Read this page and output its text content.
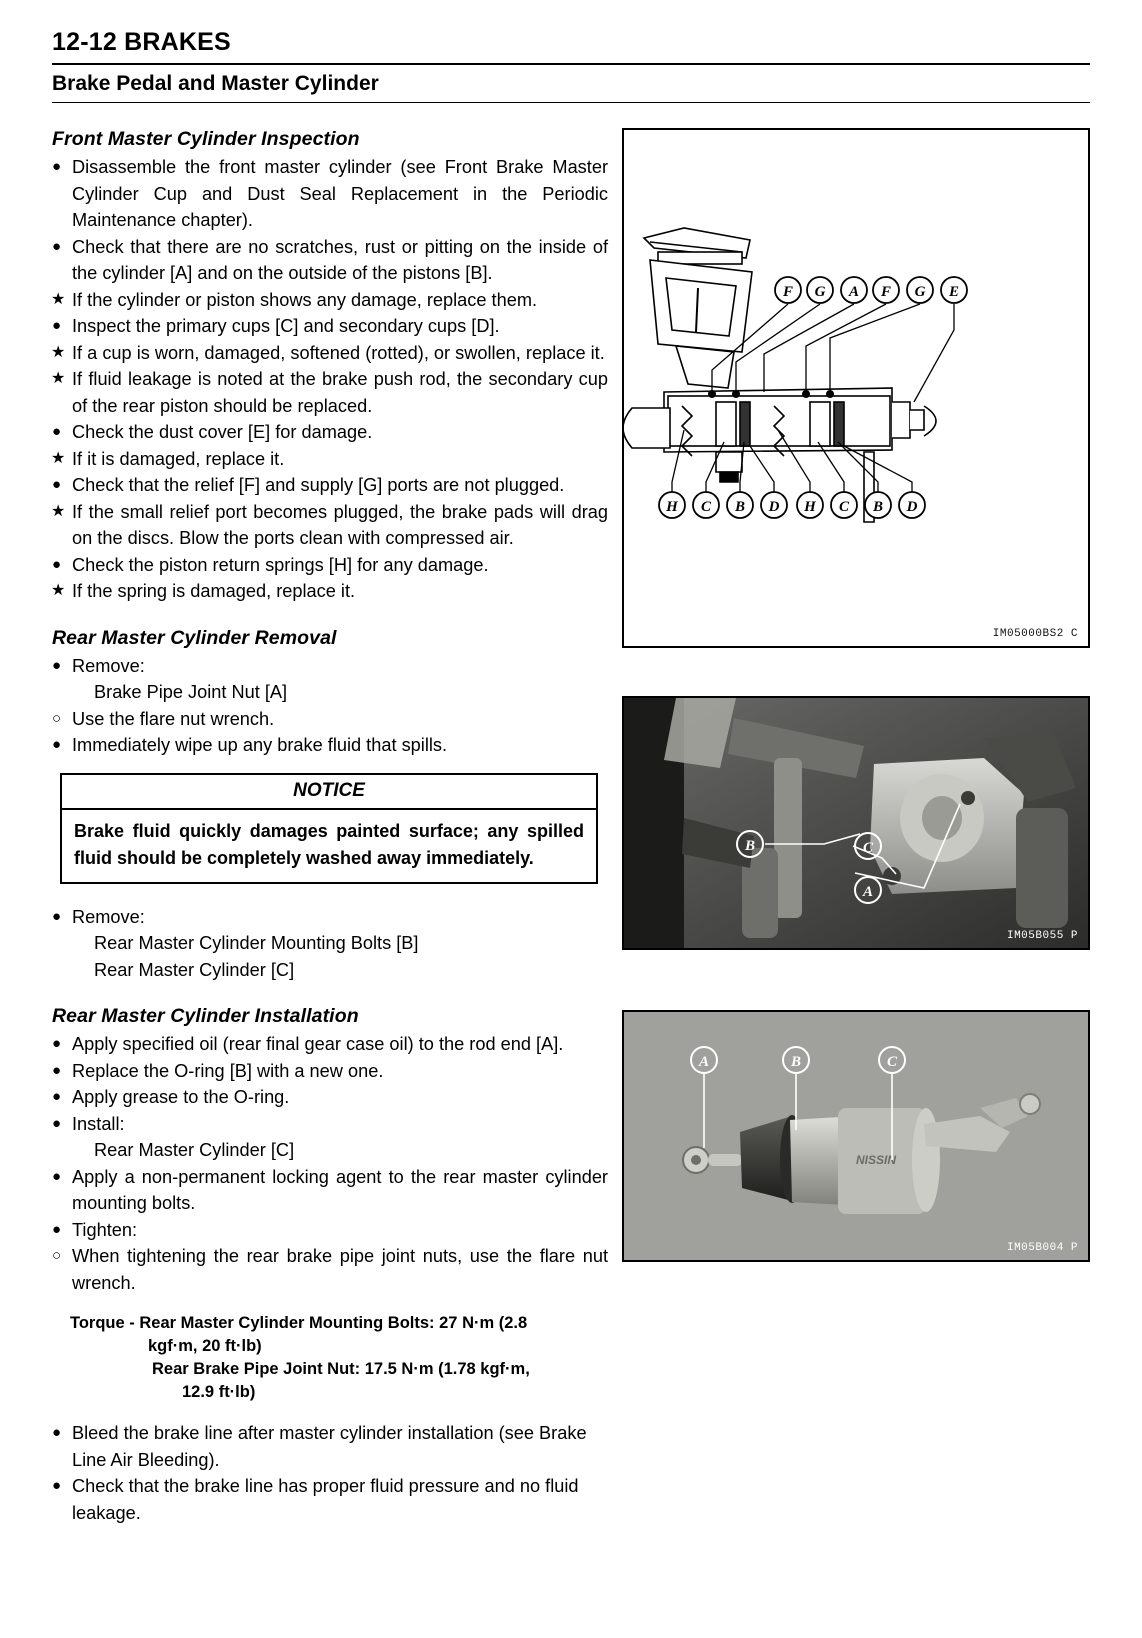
12-12 BRAKES
Brake Pedal and Master Cylinder
Front Master Cylinder Inspection
● Disassemble the front master cylinder (see Front Brake Master Cylinder Cup and Dust Seal Replacement in the Periodic Maintenance chapter).
● Check that there are no scratches, rust or pitting on the inside of the cylinder [A] and on the outside of the pistons [B].
★ If the cylinder or piston shows any damage, replace them.
● Inspect the primary cups [C] and secondary cups [D].
★ If a cup is worn, damaged, softened (rotted), or swollen, replace it.
★ If fluid leakage is noted at the brake push rod, the secondary cup of the rear piston should be replaced.
● Check the dust cover [E] for damage.
★ If it is damaged, replace it.
● Check that the relief [F] and supply [G] ports are not plugged.
★ If the small relief port becomes plugged, the brake pads will drag on the discs. Blow the ports clean with compressed air.
● Check the piston return springs [H] for any damage.
★ If the spring is damaged, replace it.
Rear Master Cylinder Removal
● Remove:
Brake Pipe Joint Nut [A]
○ Use the flare nut wrench.
● Immediately wipe up any brake fluid that spills.
NOTICE
Brake fluid quickly damages painted surface; any spilled fluid should be completely washed away immediately.
● Remove:
Rear Master Cylinder Mounting Bolts [B]
Rear Master Cylinder [C]
Rear Master Cylinder Installation
● Apply specified oil (rear final gear case oil) to the rod end [A].
● Replace the O-ring [B] with a new one.
● Apply grease to the O-ring.
● Install:
Rear Master Cylinder [C]
● Apply a non-permanent locking agent to the rear master cylinder mounting bolts.
● Tighten:
○ When tightening the rear brake pipe joint nuts, use the flare nut wrench.
Torque - Rear Master Cylinder Mounting Bolts: 27 N·m (2.8
kgf·m, 20 ft·lb)
Rear Brake Pipe Joint Nut: 17.5 N·m (1.78 kgf·m,
12.9 ft·lb)
● Bleed the brake line after master cylinder installation (see Brake Line Air Bleeding).
● Check that the brake line has proper fluid pressure and no fluid leakage.
F G A F G E
H C B D H C B D
IM05000BS2 C
B	C
A
IM05B055 P
NISSIN
A	B	C
IM05B004 P
